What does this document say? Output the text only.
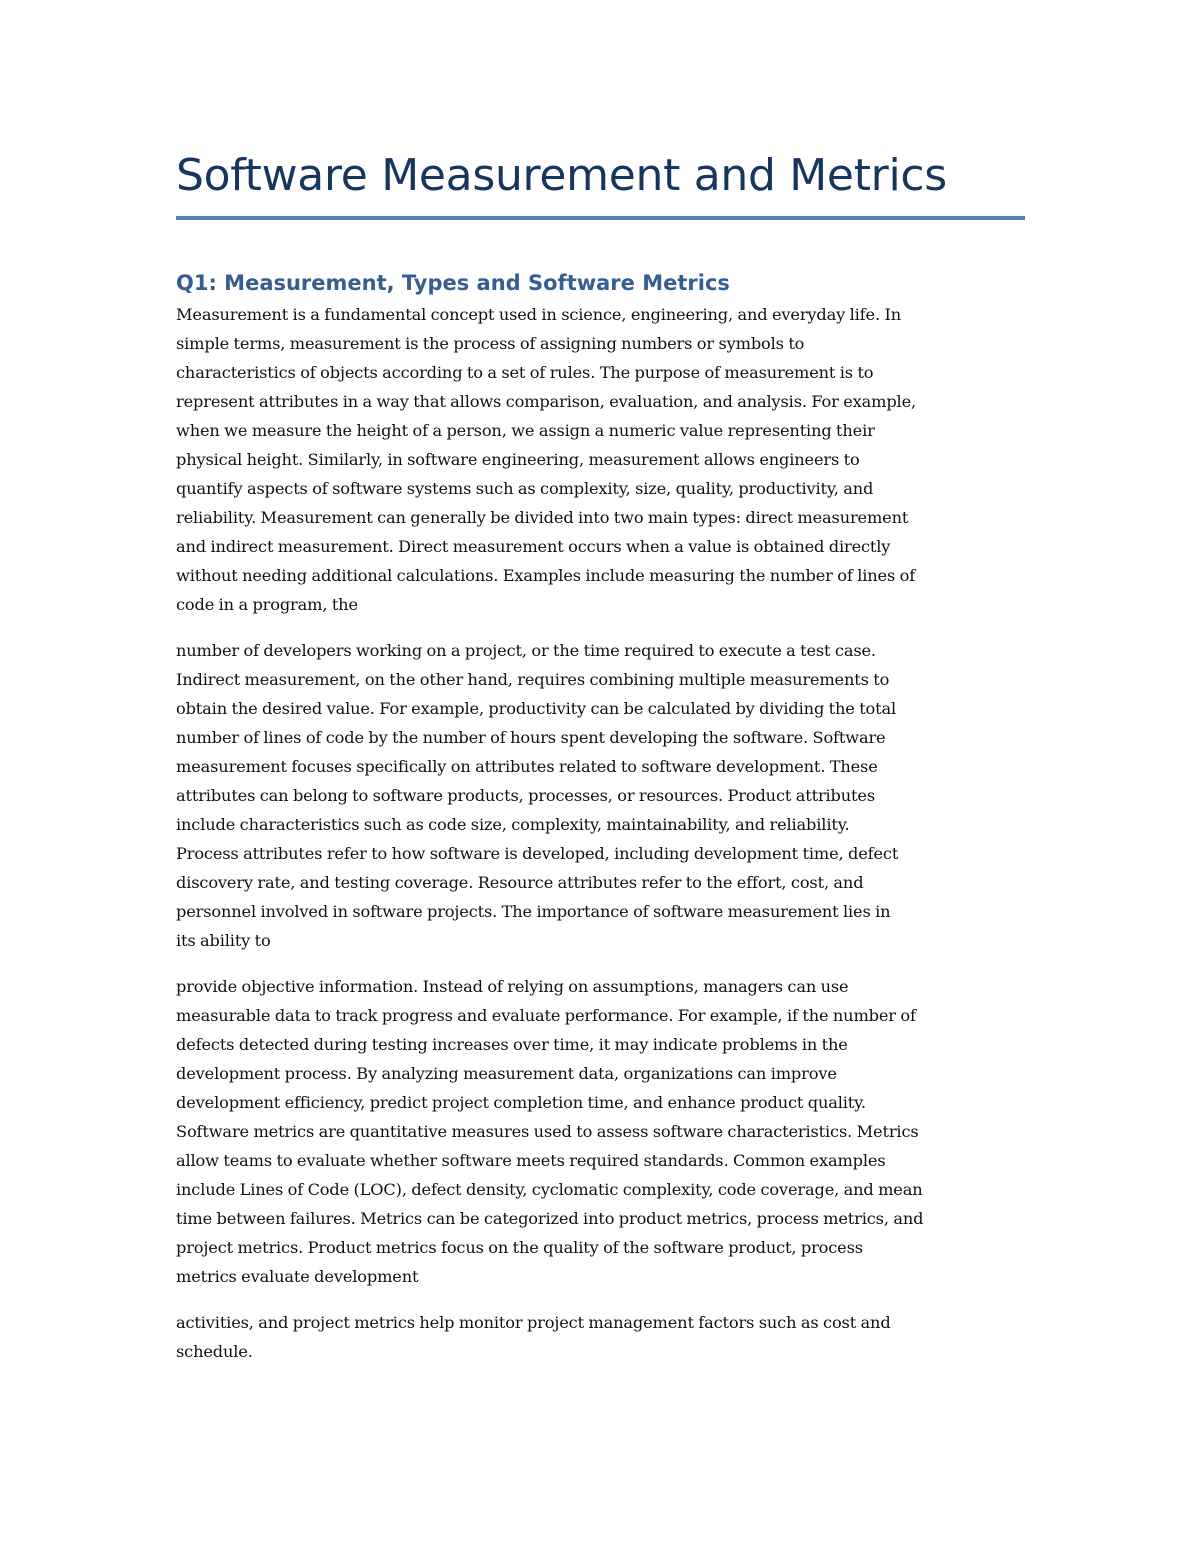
Software Measurement and Metrics
Q1: Measurement, Types and Software Metrics

Measurement is a fundamental concept used in science, engineering, and everyday life. In
simple terms, measurement is the process of assigning numbers or symbols to
characteristics of objects according to a set of rules. The purpose of measurement is to
represent attributes in a way that allows comparison, evaluation, and analysis. For example,
when we measure the height of a person, we assign a numeric value representing their
physical height. Similarly, in software engineering, measurement allows engineers to
quantify aspects of software systems such as complexity, size, quality, productivity, and
reliability. Measurement can generally be divided into two main types: direct measurement
and indirect measurement. Direct measurement occurs when a value is obtained directly
without needing additional calculations. Examples include measuring the number of lines of
code in a program, the

number of developers working on a project, or the time required to execute a test case.
Indirect measurement, on the other hand, requires combining multiple measurements to
obtain the desired value. For example, productivity can be calculated by dividing the total
number of lines of code by the number of hours spent developing the software. Software
measurement focuses specifically on attributes related to software development. These
attributes can belong to software products, processes, or resources. Product attributes
include characteristics such as code size, complexity, maintainability, and reliability.
Process attributes refer to how software is developed, including development time, defect
discovery rate, and testing coverage. Resource attributes refer to the effort, cost, and
personnel involved in software projects. The importance of software measurement lies in
its ability to

provide objective information. Instead of relying on assumptions, managers can use
measurable data to track progress and evaluate performance. For example, if the number of
defects detected during testing increases over time, it may indicate problems in the
development process. By analyzing measurement data, organizations can improve
development efficiency, predict project completion time, and enhance product quality.
Software metrics are quantitative measures used to assess software characteristics. Metrics
allow teams to evaluate whether software meets required standards. Common examples
include Lines of Code (LOC), defect density, cyclomatic complexity, code coverage, and mean
time between failures. Metrics can be categorized into product metrics, process metrics, and
project metrics. Product metrics focus on the quality of the software product, process
metrics evaluate development

activities, and project metrics help monitor project management factors such as cost and
schedule.
